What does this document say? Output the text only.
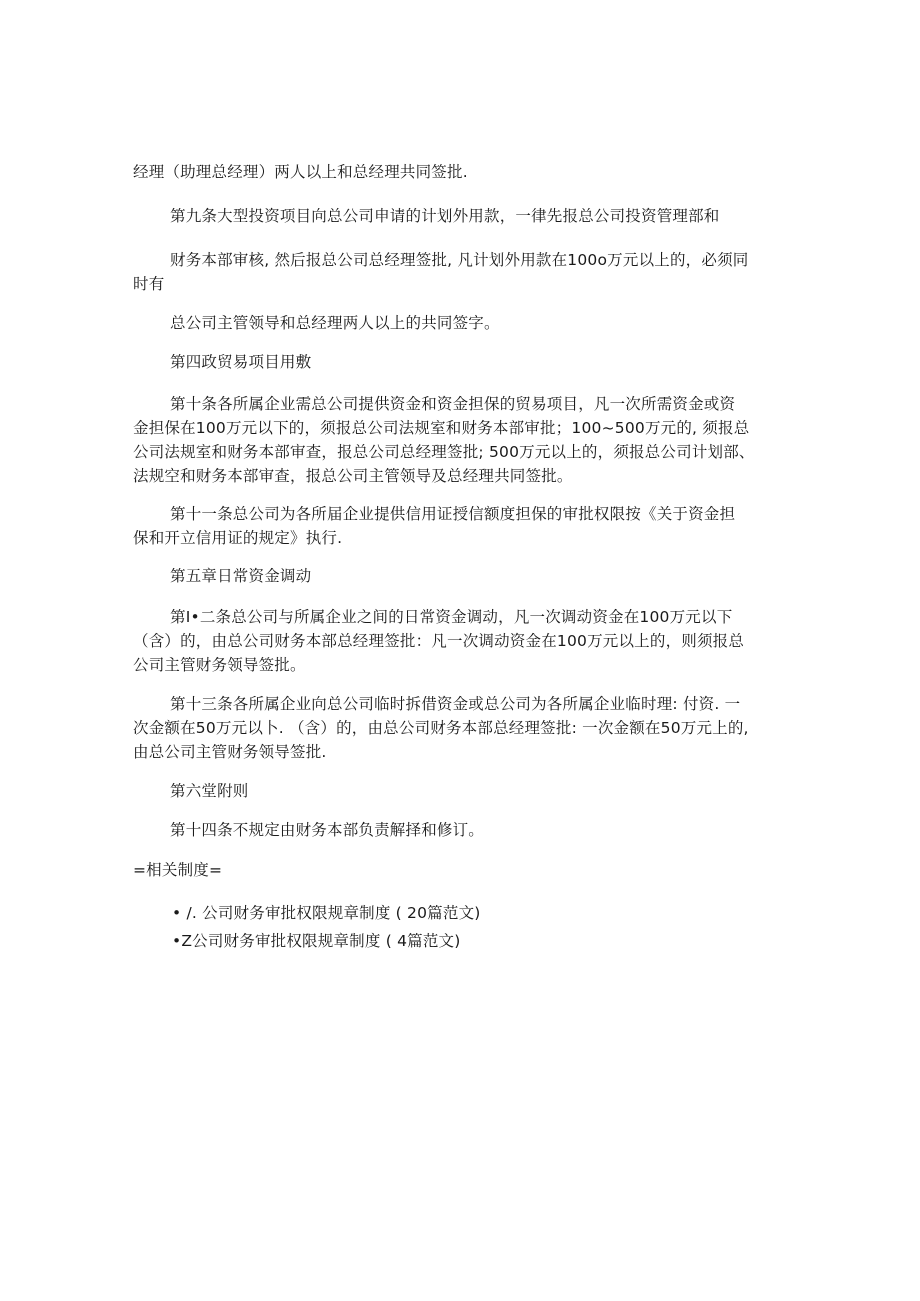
经理（助理总经理）两人以上和总经理共同签批.
第九条大型投资项目向总公司申请的计划外用款，一律先报总公司投资管理部和
财务本部审核, 然后报总公司总经理签批, 凡计划外用款在100o万元以上的，必须同
时有
总公司主管领导和总经理两人以上的共同签字。
第四政贸易项目用敷
第十条各所属企业需总公司提供资金和资金担保的贸易项目，凡一次所需资金或资
金担保在100万元以下的，须报总公司法规室和财务本部审批；100~500万元的, 须报总
公司法规室和财务本部审查，报总公司总经理签批; 500万元以上的，须报总公司计划部、
法规空和财务本部审查，报总公司主管领导及总经理共同签批。
第十一条总公司为各所届企业提供信用证授信额度担保的审批权限按《关于资金担
保和开立信用证的规定》执行.
第五章日常资金调动
第I•二条总公司与所属企业之间的日常资金调动，凡一次调动资金在100万元以下
（含）的，由总公司财务本部总经理签批：凡一次调动资金在100万元以上的，则须报总
公司主管财务领导签批。
第十三条各所属企业向总公司临时拆借资金或总公司为各所属企业临时理: 付资. 一
次金额在50万元以卜. （含）的，由总公司财务本部总经理签批: 一次金额在50万元上的,
由总公司主管财务领导签批.
第六堂附则
第十四条不规定由财务本部负责解择和修订。
=相关制度=
• /. 公司财务审批权限规章制度 ( 20篇范文)
•Z公司财务审批权限规章制度 ( 4篇范文)
